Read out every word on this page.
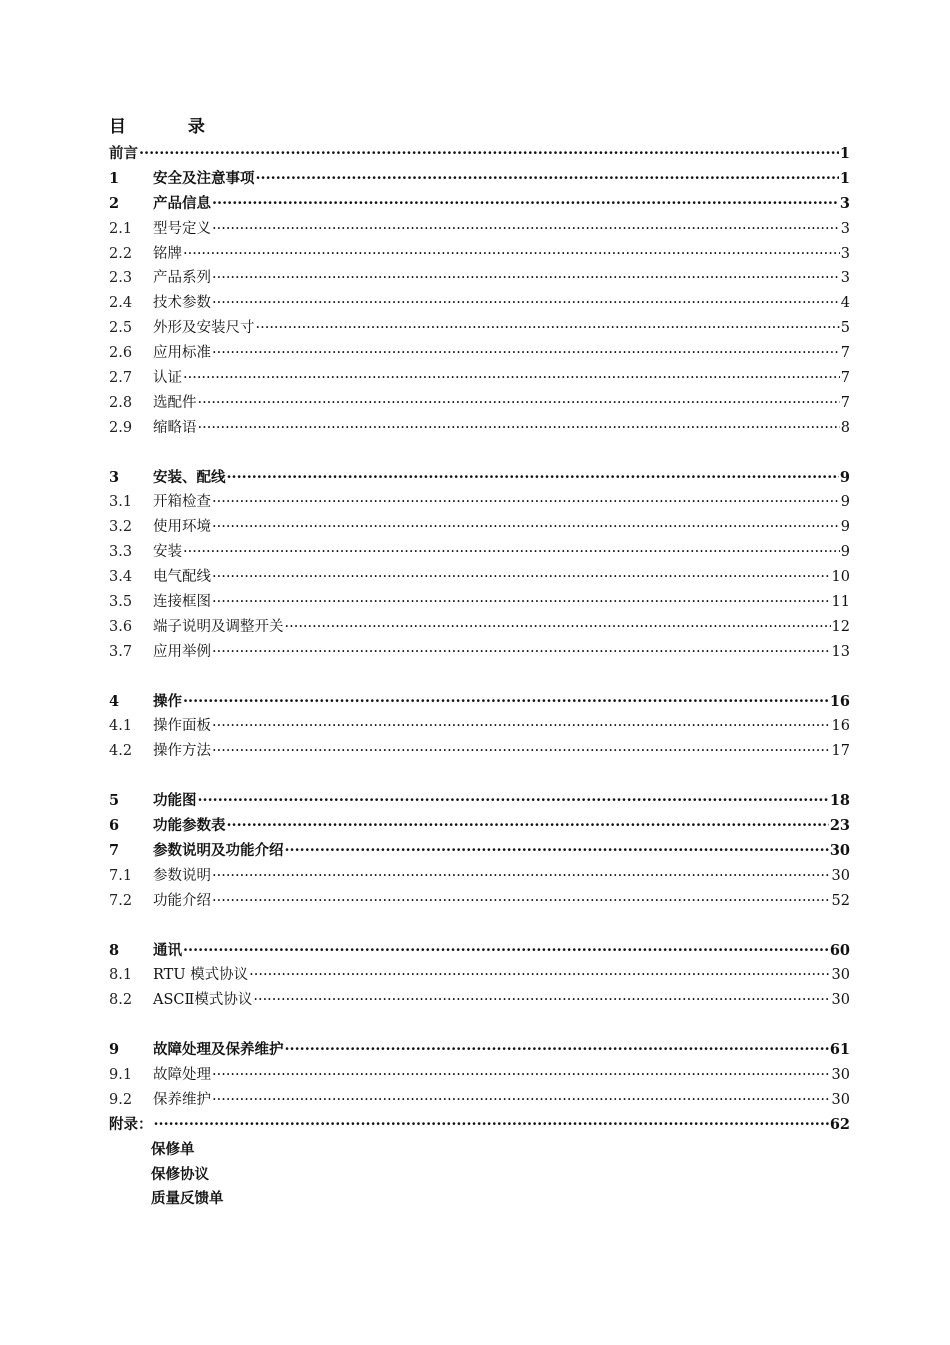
目 录
前言 ·····	1
1	安全及注意事项 ·····	1
2	产品信息 ·····	3
2.1	型号定义 ·····	3
2.2	铭牌 ·····	3
2.3	产品系列 ·····	3
2.4	技术参数 ·····	4
2.5	外形及安装尺寸 ·····	5
2.6	应用标准 ·····	7
2.7	认证 ·····	7
2.8	选配件 ·····	7
2.9	缩略语 ·····	8
3	安装、配线 ·····	9
3.1	开箱检查 ·····	9
3.2	使用环境 ·····	9
3.3	安装 ·····	9
3.4	电气配线 ·····	10
3.5	连接框图 ·····	11
3.6	端子说明及调整开关 ·····	12
3.7	应用举例 ·····	13
4	操作 ·····	16
4.1	操作面板 ·····	16
4.2	操作方法 ·····	17
5	功能图 ·····	18
6	功能参数表 ·····	23
7	参数说明及功能介绍 ·····	30
7.1	参数说明 ·····	30
7.2	功能介绍 ·····	52
8	通讯 ·····	60
8.1	RTU 模式协议 ·····	30
8.2	ASCⅡ模式协议 ·····	30
9	故障处理及保养维护 ·····	61
9.1	故障处理 ·····	30
9.2	保养维护 ·····	30
附录： ·····	62
保修单
保修协议
质量反馈单
